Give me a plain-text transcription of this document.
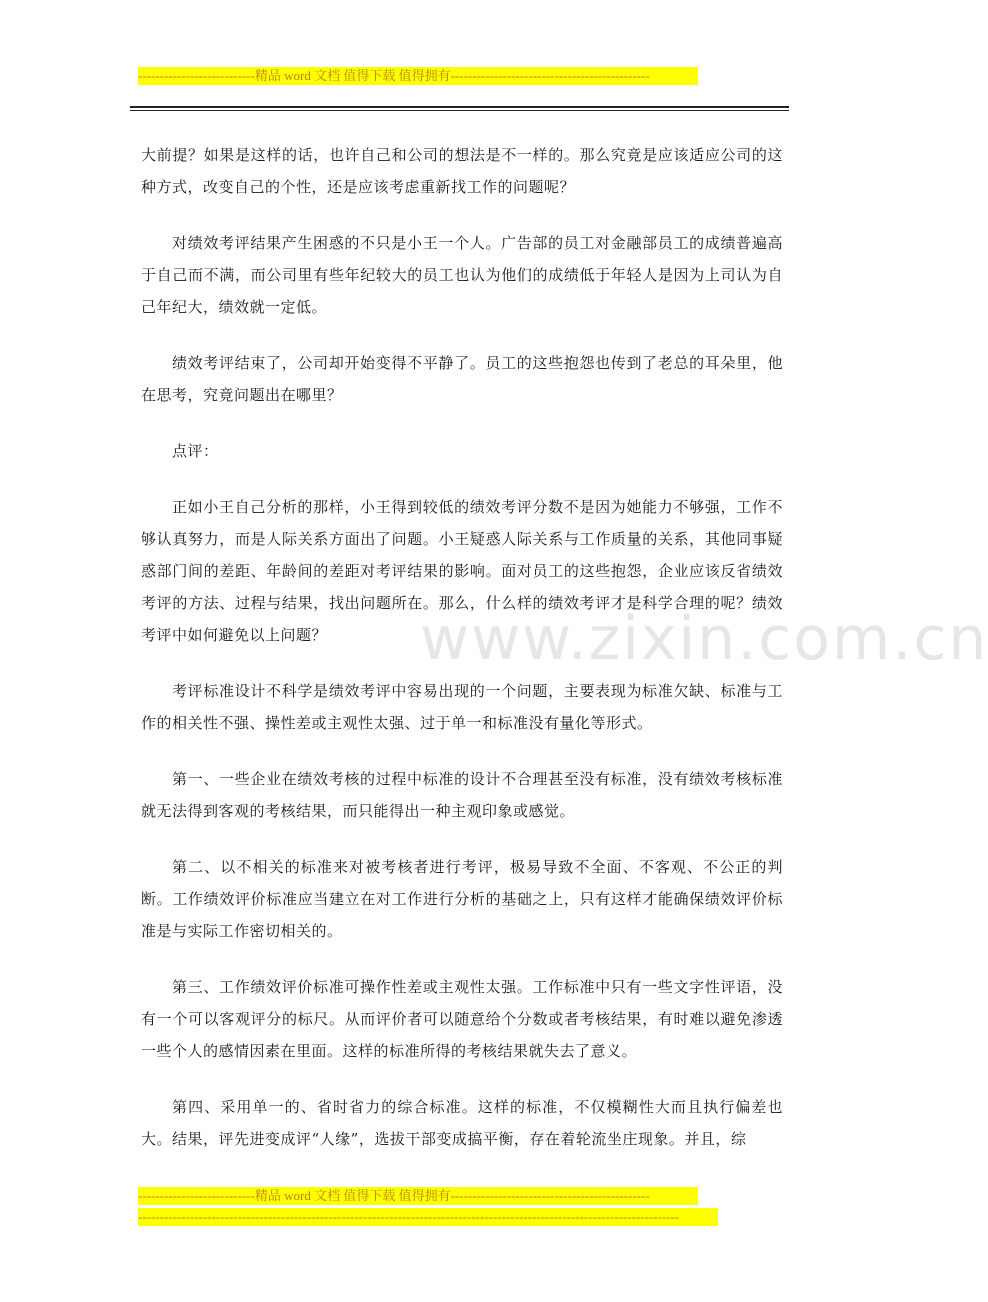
---------------------------精品 word 文档 值得下载 值得拥有----------------------------------------------

大前提？如果是这样的话，也许自己和公司的想法是不一样的。那么究竟是应该适应公司的这种方式，改变自己的个性，还是应该考虑重新找工作的问题呢？

对绩效考评结果产生困惑的不只是小王一个人。广告部的员工对金融部员工的成绩普遍高于自己而不满，而公司里有些年纪较大的员工也认为他们的成绩低于年轻人是因为上司认为自己年纪大，绩效就一定低。

绩效考评结束了，公司却开始变得不平静了。员工的这些抱怨也传到了老总的耳朵里，他在思考，究竟问题出在哪里？

点评：

正如小王自己分析的那样，小王得到较低的绩效考评分数不是因为她能力不够强，工作不够认真努力，而是人际关系方面出了问题。小王疑惑人际关系与工作质量的关系，其他同事疑惑部门间的差距、年龄间的差距对考评结果的影响。面对员工的这些抱怨，企业应该反省绩效考评的方法、过程与结果，找出问题所在。那么，什么样的绩效考评才是科学合理的呢？绩效考评中如何避免以上问题？

考评标准设计不科学是绩效考评中容易出现的一个问题，主要表现为标准欠缺、标准与工作的相关性不强、操性差或主观性太强、过于单一和标准没有量化等形式。

第一、一些企业在绩效考核的过程中标准的设计不合理甚至没有标准，没有绩效考核标准就无法得到客观的考核结果，而只能得出一种主观印象或感觉。

第二、以不相关的标准来对被考核者进行考评，极易导致不全面、不客观、不公正的判断。工作绩效评价标准应当建立在对工作进行分析的基础之上，只有这样才能确保绩效评价标准是与实际工作密切相关的。

第三、工作绩效评价标准可操作性差或主观性太强。工作标准中只有一些文字性评语，没有一个可以客观评分的标尺。从而评价者可以随意给个分数或者考核结果，有时难以避免渗透一些个人的感情因素在里面。这样的标准所得的考核结果就失去了意义。

第四、采用单一的、省时省力的综合标准。这样的标准，不仅模糊性大而且执行偏差也大。结果，评先进变成评“人缘”，选拔干部变成搞平衡，存在着轮流坐庄现象。并且，综

www.zixin.com.cn
---------------------------精品 word 文档 值得下载 值得拥有----------------------------------------------
-----------------------------------------------------------------------------------------------------------------------------
